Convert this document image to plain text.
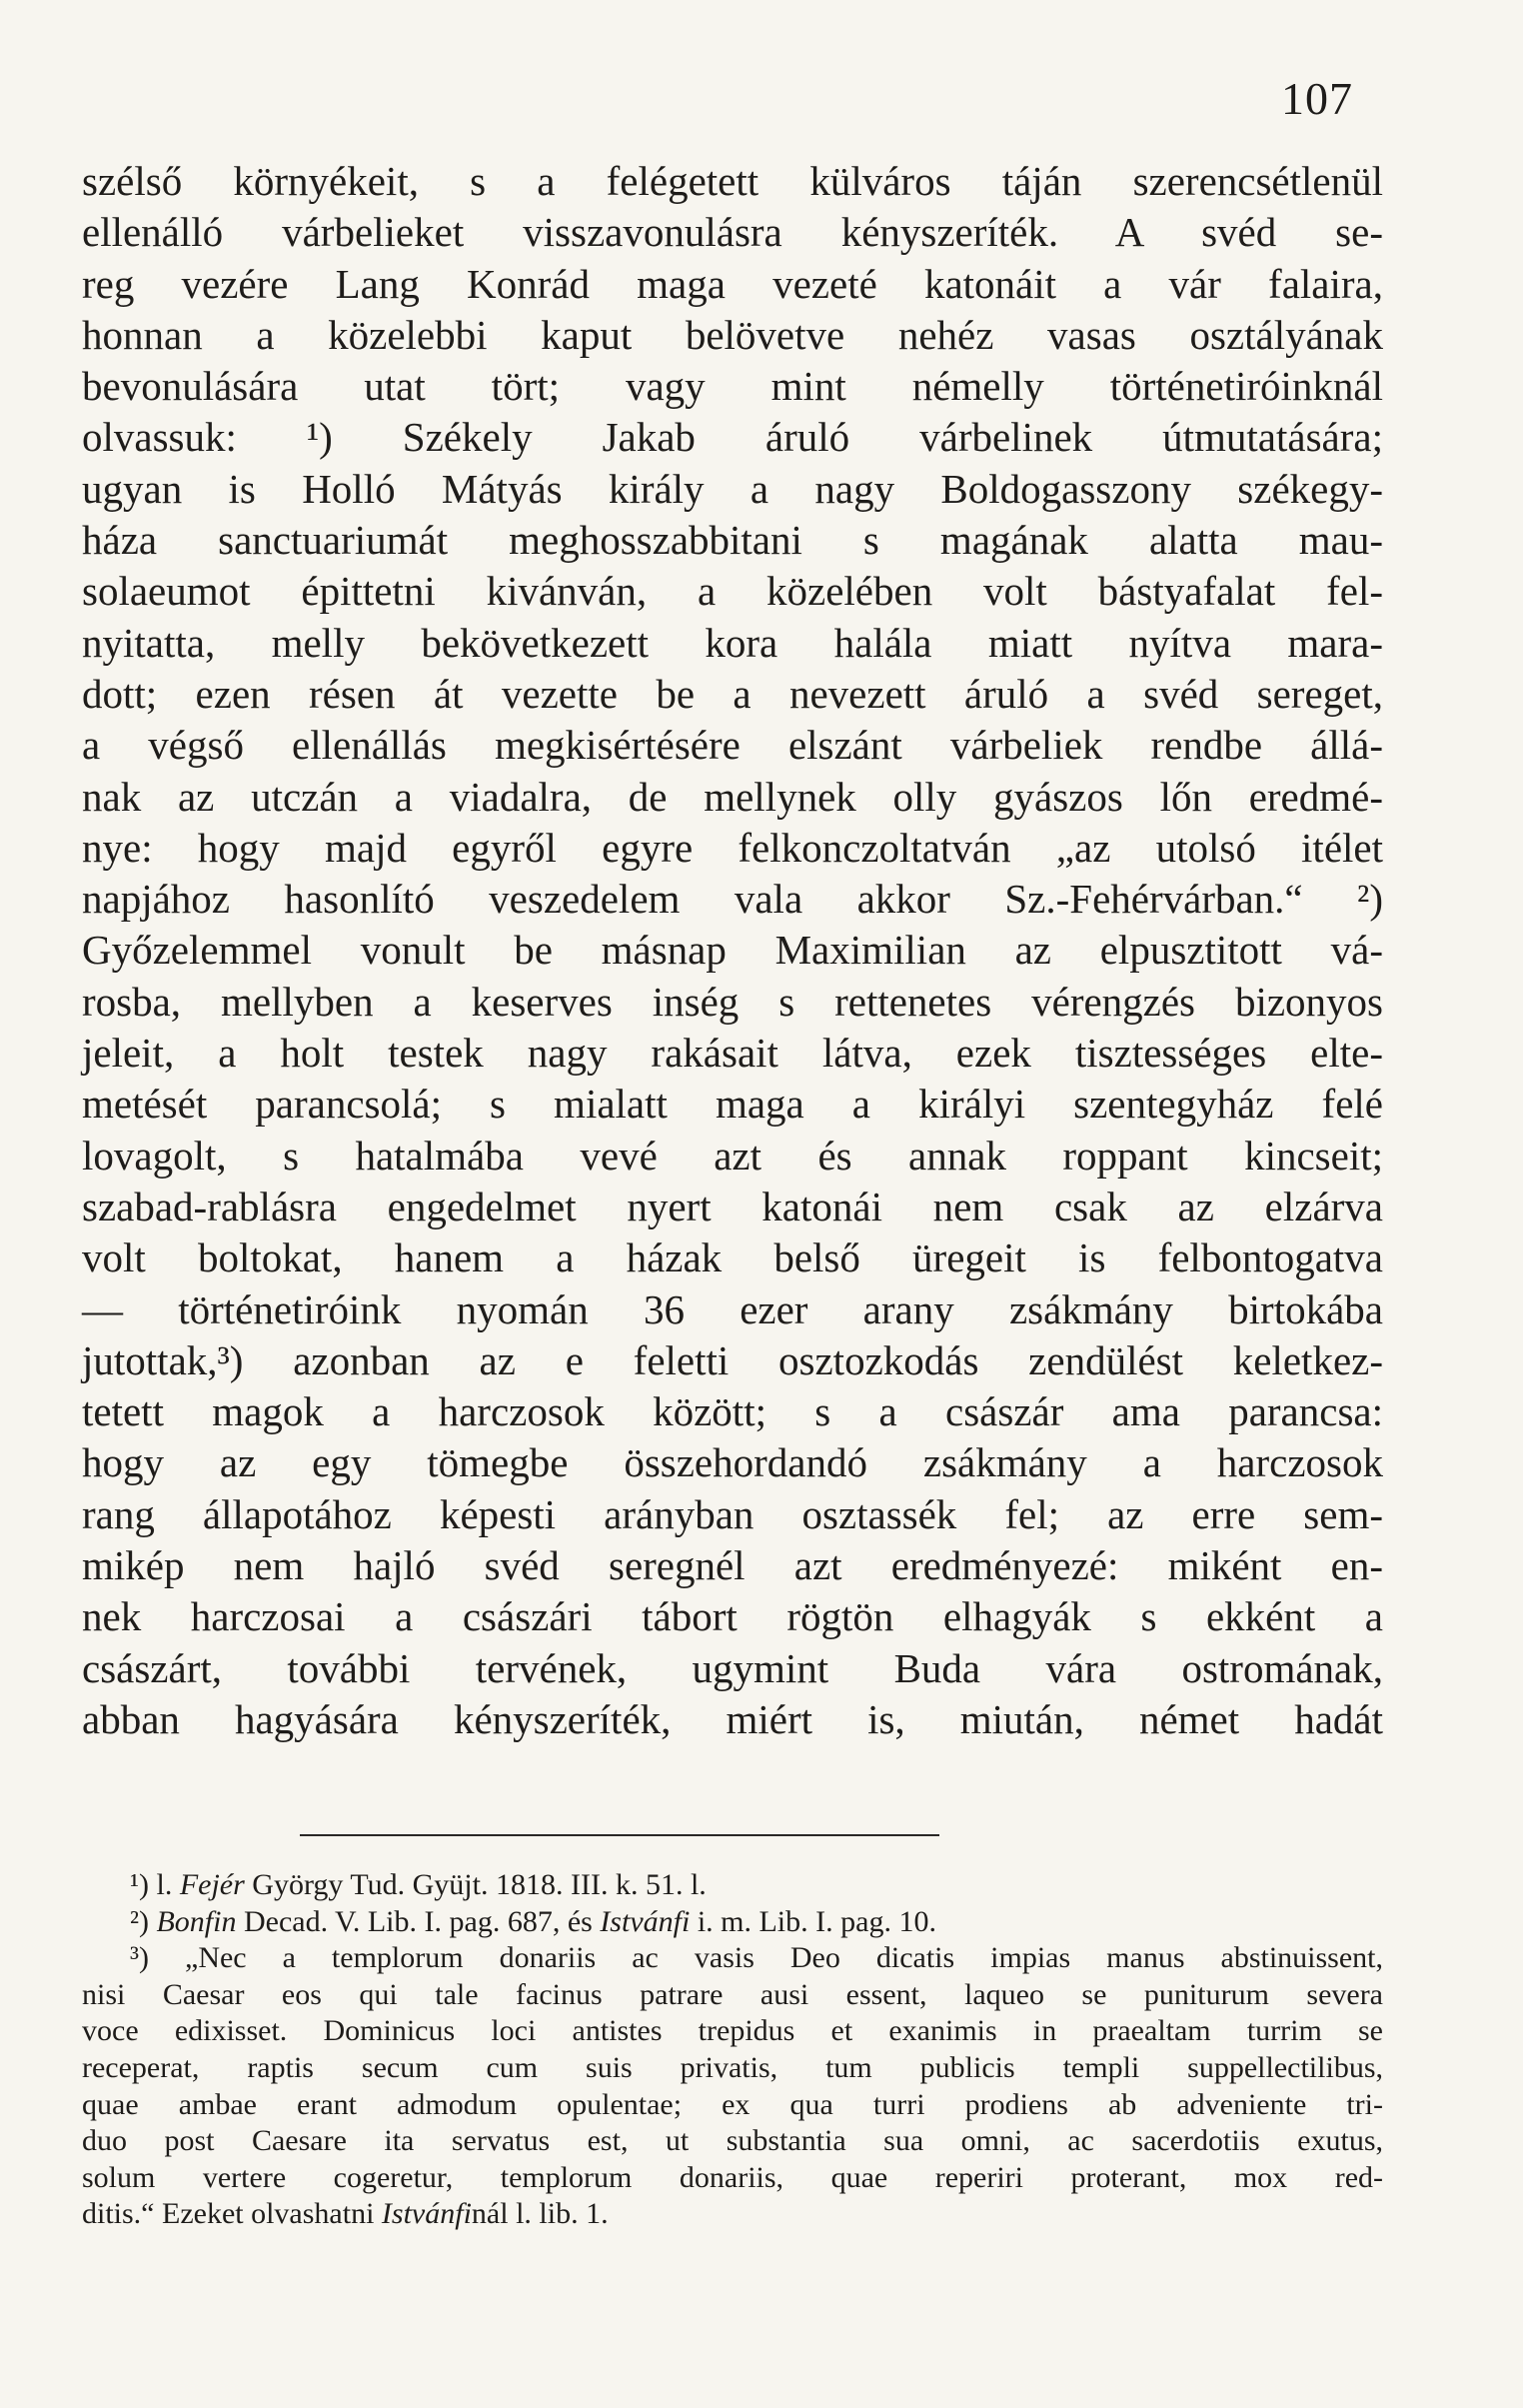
107
szélső környékeit, s a felégetett külváros táján szerencsétlenül
ellenálló várbelieket visszavonulásra kényszeríték. A svéd se-
reg vezére Lang Konrád maga vezeté katonáit a vár falaira,
honnan a közelebbi kaput belövetve nehéz vasas osztályának
bevonulására utat tört; vagy mint némelly történetiróinknál
olvassuk: ¹) Székely Jakab áruló várbelinek útmutatására;
ugyan is Holló Mátyás király a nagy Boldogasszony székegy-
háza sanctuariumát meghosszabbitani s magának alatta mau-
solaeumot épittetni kivánván, a közelében volt bástyafalat fel-
nyitatta, melly bekövetkezett kora halála miatt nyítva mara-
dott; ezen résen át vezette be a nevezett áruló a svéd sereget,
a végső ellenállás megkisértésére elszánt várbeliek rendbe állá-
nak az utczán a viadalra, de mellynek olly gyászos lőn eredmé-
nye: hogy majd egyről egyre felkonczoltatván „az utolsó itélet
napjához hasonlító veszedelem vala akkor Sz.-Fehérvárban.“ ²)
Győzelemmel vonult be másnap Maximilian az elpusztitott vá-
rosba, mellyben a keserves inség s rettenetes vérengzés bizonyos
jeleit, a holt testek nagy rakásait látva, ezek tisztességes elte-
metését parancsolá; s mialatt maga a királyi szentegyház felé
lovagolt, s hatalmába vevé azt és annak roppant kincseit;
szabad-rablásra engedelmet nyert katonái nem csak az elzárva
volt boltokat, hanem a házak belső üregeit is felbontogatva
— történetiróink nyomán 36 ezer arany zsákmány birtokába
jutottak,³) azonban az e feletti osztozkodás zendülést keletkez-
tetett magok a harczosok között; s a császár ama parancsa:
hogy az egy tömegbe összehordandó zsákmány a harczosok
rang állapotához képesti arányban osztassék fel; az erre sem-
mikép nem hajló svéd seregnél azt eredményezé: miként en-
nek harczosai a császári tábort rögtön elhagyák s ekként a
császárt, további tervének, ugymint Buda vára ostromának,
abban hagyására kényszeríték, miért is, miután, német hadát
¹) l. Fejér György Tud. Gyüjt. 1818. III. k. 51. l.
²) Bonfin Decad. V. Lib. I. pag. 687, és Istvánfi i. m. Lib. I. pag. 10.
³) „Nec a templorum donariis ac vasis Deo dicatis impias manus abstinuissent,
nisi Caesar eos qui tale facinus patrare ausi essent, laqueo se puniturum severa
voce edixisset. Dominicus loci antistes trepidus et exanimis in praealtam turrim se
receperat, raptis secum cum suis privatis, tum publicis templi suppellectilibus,
quae ambae erant admodum opulentae; ex qua turri prodiens ab adveniente tri-
duo post Caesare ita servatus est, ut substantia sua omni, ac sacerdotiis exutus,
solum vertere cogeretur, templorum donariis, quae reperiri proterant, mox red-
ditis.“ Ezeket olvashatni Istvánfinál l. lib. 1.
